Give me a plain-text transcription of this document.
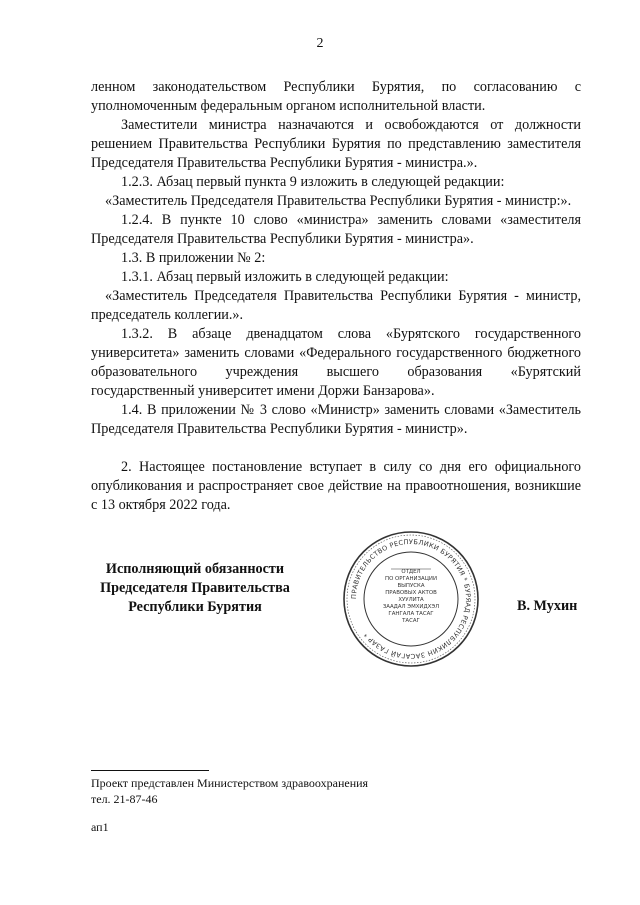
2

ленном законодательством Республики Бурятия, по согласованию с уполномоченным федеральным органом исполнительной власти.

Заместители министра назначаются и освобождаются от должности решением Правительства Республики Бурятия по представлению заместителя Председателя Правительства Республики Бурятия - министра.».

1.2.3. Абзац первый пункта 9 изложить в следующей редакции:

«Заместитель Председателя Правительства Республики Бурятия - министр:».

1.2.4. В пункте 10 слово «министра» заменить словами «заместителя Председателя Правительства Республики Бурятия - министра».

1.3. В приложении № 2:

1.3.1. Абзац первый изложить в следующей редакции:

«Заместитель Председателя Правительства Республики Бурятия - министр, председатель коллегии.».

1.3.2. В абзаце двенадцатом слова «Бурятского государственного университета» заменить словами «Федерального государственного бюджетного образовательного учреждения высшего образования «Бурятский государственный университет имени Доржи Банзарова».

1.4. В приложении № 3 слово «Министр» заменить словами «Заместитель Председателя Правительства Республики Бурятия - министр».

2. Настоящее постановление вступает в силу со дня его официального опубликования и распространяет свое действие на правоотношения, возникшие с 13 октября 2022 года.

Исполняющий обязанности
Председателя Правительства
Республики Бурятия
ПРАВИТЕЛЬСТВО РЕСПУБЛИКИ БУРЯТИЯ * БУРЯАД РЕСПУБЛИКИН ЗАСАГАЙ ГАЗАР *
ОТДЕЛ
ПО ОРГАНИЗАЦИИ
ВЫПУСКА
ПРАВОВЫХ АКТОВ
ХУУЛИТА
ЗААДАЛ ЭМХИДХЭЛ
ГАНГАЛА ТАСАГ
ТАСАГ
В. Мухин
Проект представлен Министерством здравоохранения
тел. 21-87-46
ап1
